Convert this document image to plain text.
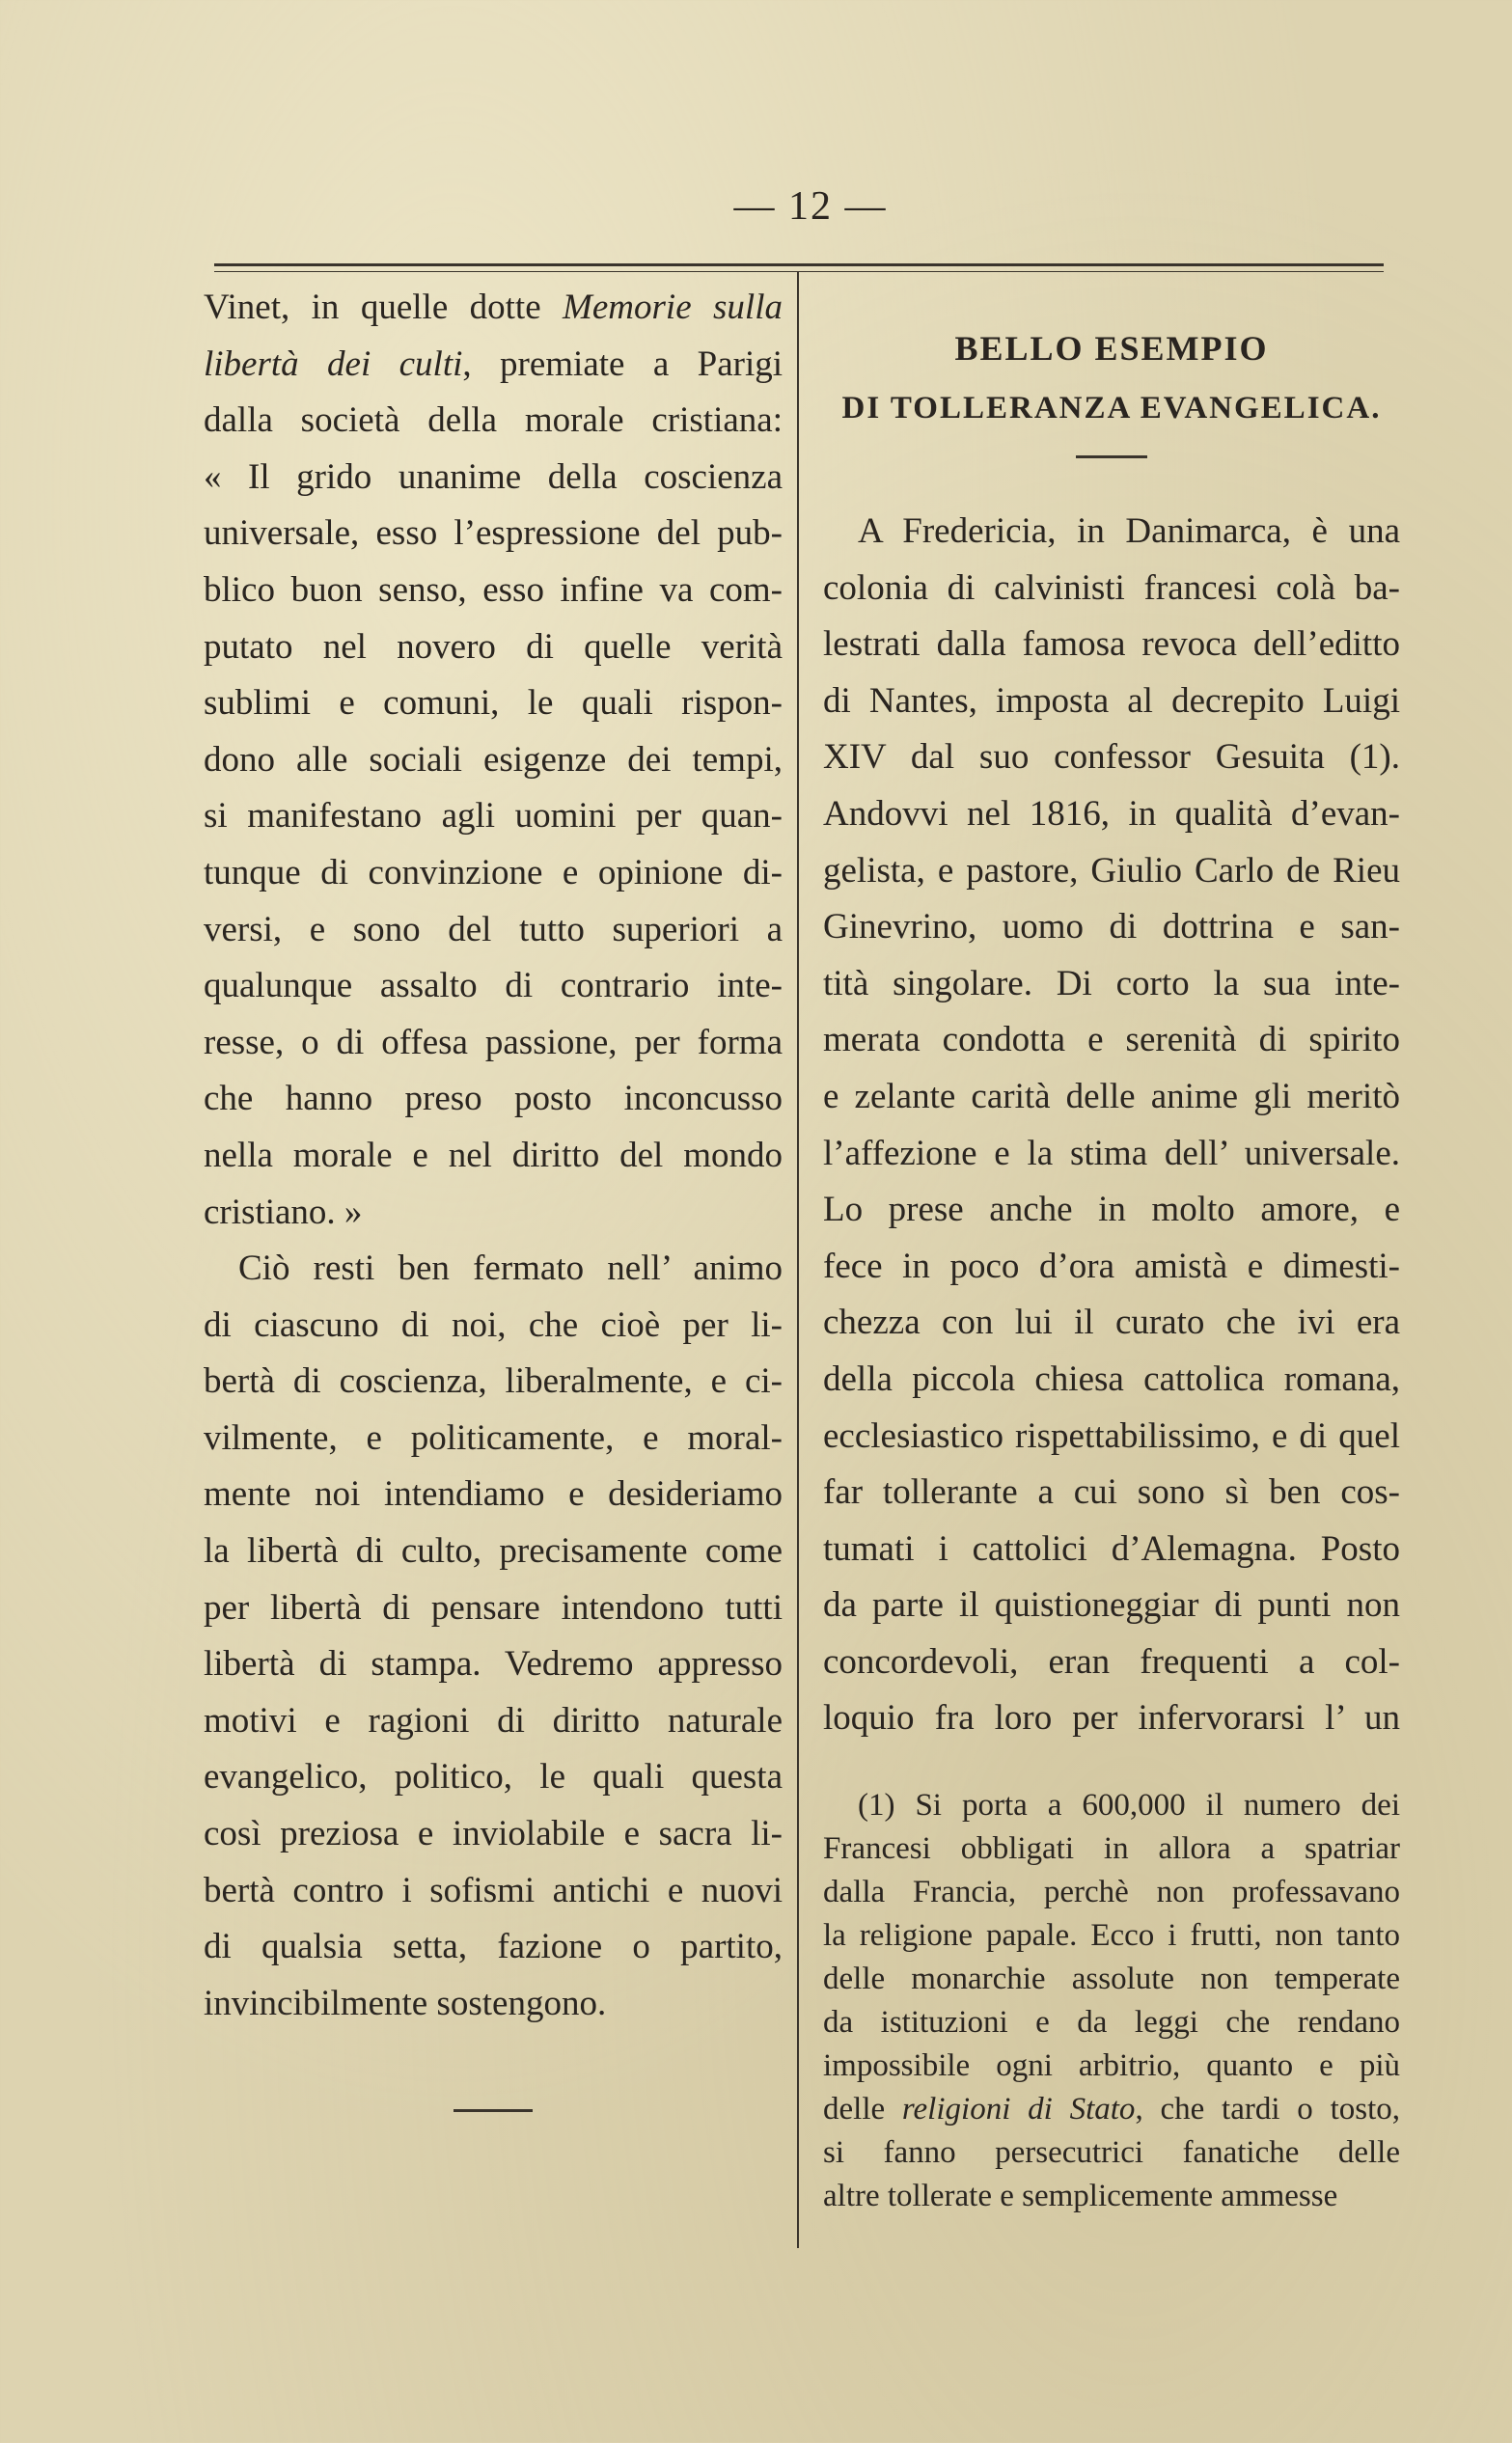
— 12 —
Vinet, in quelle dotte Memorie sulla
libertà dei culti, premiate a Parigi
dalla società della morale cristiana:
« Il grido unanime della coscienza
universale, esso l’espressione del pub-
blico buon senso, esso infine va com-
putato nel novero di quelle verità
sublimi e comuni, le quali rispon-
dono alle sociali esigenze dei tempi,
si manifestano agli uomini per quan-
tunque di convinzione e opinione di-
versi, e sono del tutto superiori a
qualunque assalto di contrario inte-
resse, o di offesa passione, per forma
che hanno preso posto inconcusso
nella morale e nel diritto del mondo
cristiano. »
Ciò resti ben fermato nell’ animo
di ciascuno di noi, che cioè per li-
bertà di coscienza, liberalmente, e ci-
vilmente, e politicamente, e moral-
mente noi intendiamo e desideriamo
la libertà di culto, precisamente come
per libertà di pensare intendono tutti
libertà di stampa. Vedremo appresso
motivi e ragioni di diritto naturale
evangelico, politico, le quali questa
così preziosa e inviolabile e sacra li-
bertà contro i sofismi antichi e nuovi
di qualsia setta, fazione o partito,
invincibilmente sostengono.
BELLO ESEMPIO
DI TOLLERANZA EVANGELICA.
A Fredericia, in Danimarca, è una
colonia di calvinisti francesi colà ba-
lestrati dalla famosa revoca dell’editto
di Nantes, imposta al decrepito Luigi
XIV dal suo confessor Gesuita (1).
Andovvi nel 1816, in qualità d’evan-
gelista, e pastore, Giulio Carlo de Rieu
Ginevrino, uomo di dottrina e san-
tità singolare. Di corto la sua inte-
merata condotta e serenità di spirito
e zelante carità delle anime gli meritò
l’affezione e la stima dell’ universale.
Lo prese anche in molto amore, e
fece in poco d’ora amistà e dimesti-
chezza con lui il curato che ivi era
della piccola chiesa cattolica romana,
ecclesiastico rispettabilissimo, e di quel
far tollerante a cui sono sì ben cos-
tumati i cattolici d’Alemagna. Posto
da parte il quistioneggiar di punti non
concordevoli, eran frequenti a col-
loquio fra loro per infervorarsi l’ un
(1) Si porta a 600,000 il numero dei
Francesi obbligati in allora a spatriar
dalla Francia, perchè non professavano
la religione papale. Ecco i frutti, non tanto
delle monarchie assolute non temperate
da istituzioni e da leggi che rendano
impossibile ogni arbitrio, quanto e più
delle religioni di Stato, che tardi o tosto,
si fanno persecutrici fanatiche delle
altre tollerate e semplicemente ammesse
